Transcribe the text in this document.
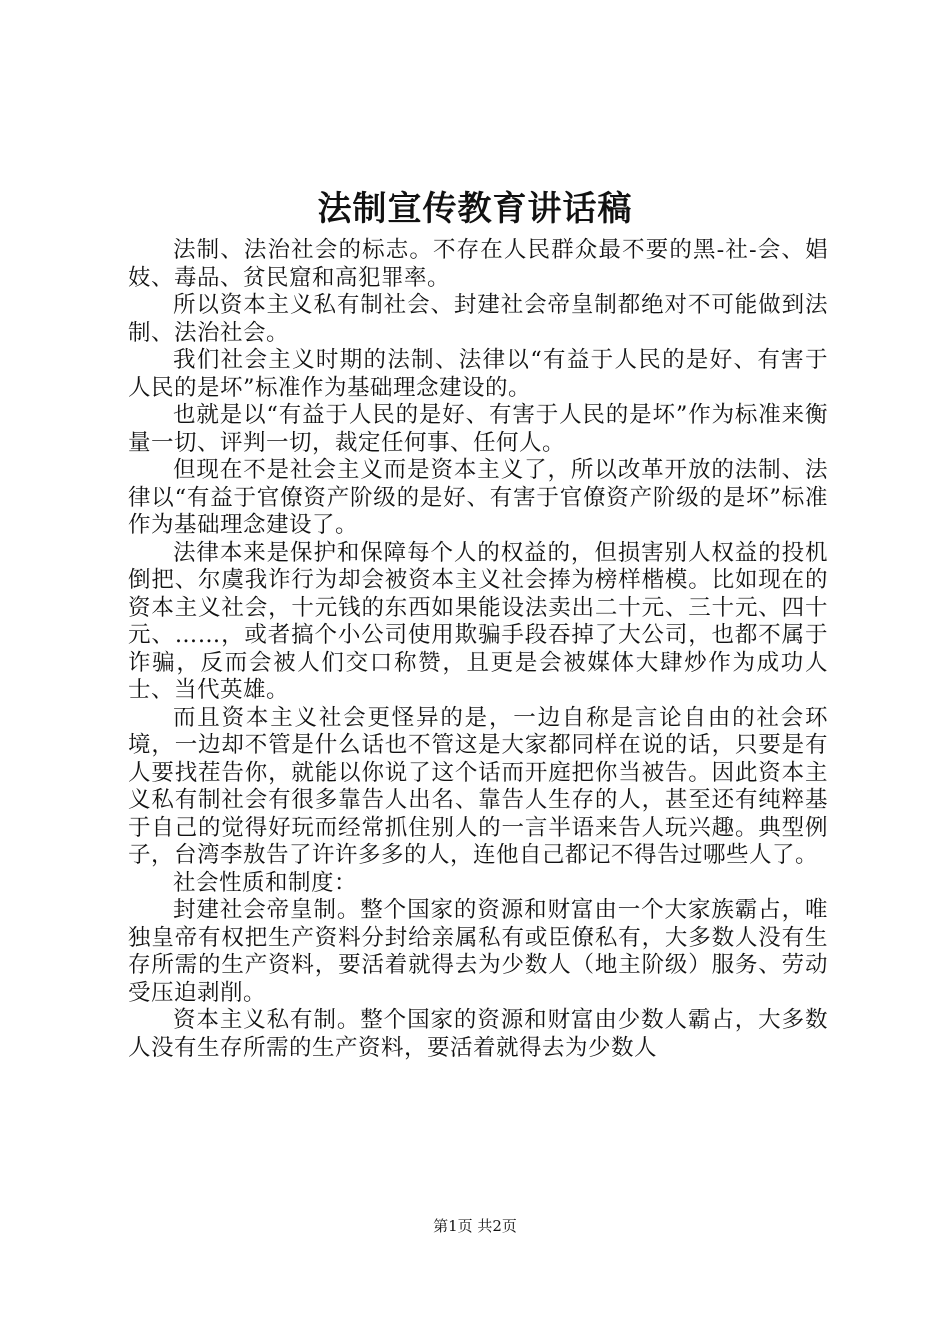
法制宣传教育讲话稿

法制、法治社会的标志。不存在人民群众最不要的黑-社-会、娼妓、毒品、贫民窟和高犯罪率。

所以资本主义私有制社会、封建社会帝皇制都绝对不可能做到法制、法治社会。

我们社会主义时期的法制、法律以“有益于人民的是好、有害于人民的是坏”标准作为基础理念建设的。

也就是以“有益于人民的是好、有害于人民的是坏”作为标准来衡量一切、评判一切，裁定任何事、任何人。

但现在不是社会主义而是资本主义了，所以改革开放的法制、法律以“有益于官僚资产阶级的是好、有害于官僚资产阶级的是坏”标准作为基础理念建设了。

法律本来是保护和保障每个人的权益的，但损害别人权益的投机倒把、尔虞我诈行为却会被资本主义社会捧为榜样楷模。比如现在的资本主义社会，十元钱的东西如果能设法卖出二十元、三十元、四十元、……，或者搞个小公司使用欺骗手段吞掉了大公司，也都不属于诈骗，反而会被人们交口称赞，且更是会被媒体大肆炒作为成功人士、当代英雄。

而且资本主义社会更怪异的是，一边自称是言论自由的社会环境，一边却不管是什么话也不管这是大家都同样在说的话，只要是有人要找茬告你，就能以你说了这个话而开庭把你当被告。因此资本主义私有制社会有很多靠告人出名、靠告人生存的人，甚至还有纯粹基于自己的觉得好玩而经常抓住别人的一言半语来告人玩兴趣。典型例子，台湾李敖告了许许多多的人，连他自己都记不得告过哪些人了。

社会性质和制度：

封建社会帝皇制。整个国家的资源和财富由一个大家族霸占，唯独皇帝有权把生产资料分封给亲属私有或臣僚私有，大多数人没有生存所需的生产资料，要活着就得去为少数人（地主阶级）服务、劳动受压迫剥削。

资本主义私有制。整个国家的资源和财富由少数人霸占，大多数人没有生存所需的生产资料，要活着就得去为少数人

第1页 共2页
